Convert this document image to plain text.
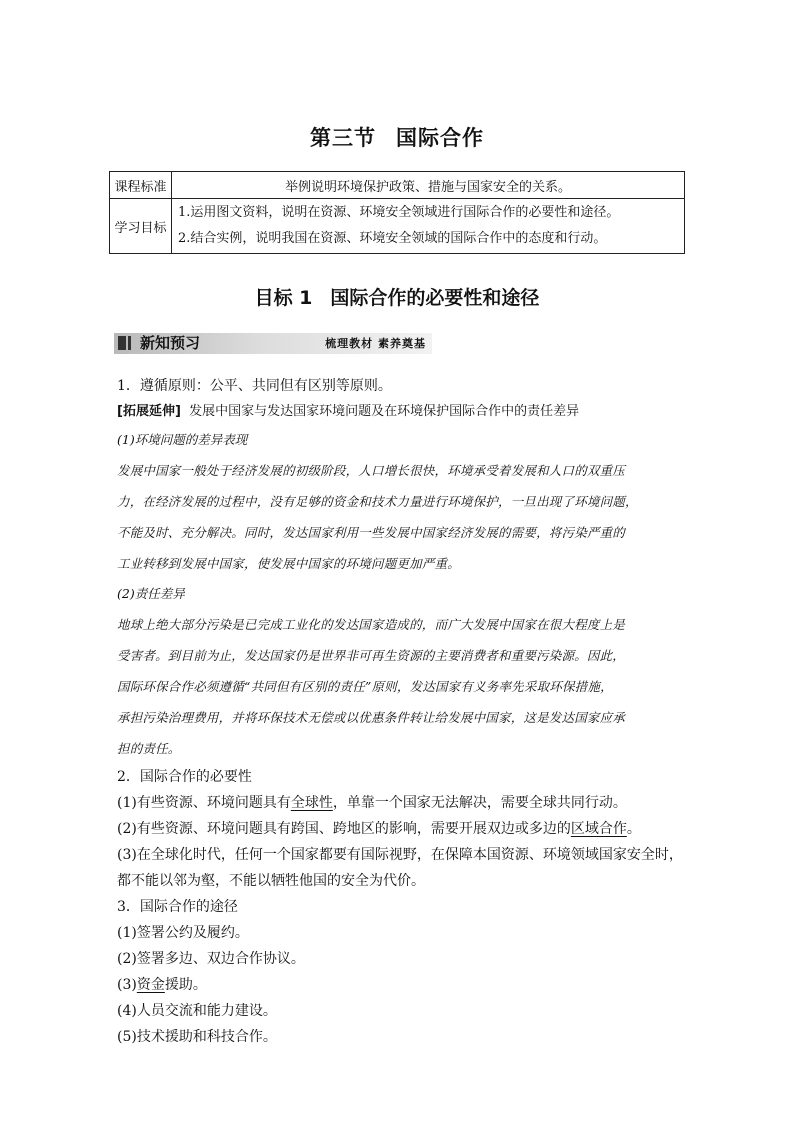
第三节 国际合作
课程标准	举例说明环境保护政策、措施与国家安全的关系。
学习目标	1.运用图文资料，说明在资源、环境安全领域进行国际合作的必要性和途径。
2.结合实例，说明我国在资源、环境安全领域的国际合作中的态度和行动。
目标 1 国际合作的必要性和途径
新知预习	梳理教材 素养奠基
1．遵循原则：公平、共同但有区别等原则。
[拓展延伸] 发展中国家与发达国家环境问题及在环境保护国际合作中的责任差异
(1)环境问题的差异表现
发展中国家一般处于经济发展的初级阶段，人口增长很快，环境承受着发展和人口的双重压
力，在经济发展的过程中，没有足够的资金和技术力量进行环境保护，一旦出现了环境问题，
不能及时、充分解决。同时，发达国家利用一些发展中国家经济发展的需要，将污染严重的
工业转移到发展中国家，使发展中国家的环境问题更加严重。
(2)责任差异
地球上绝大部分污染是已完成工业化的发达国家造成的，而广大发展中国家在很大程度上是
受害者。到目前为止，发达国家仍是世界非可再生资源的主要消费者和重要污染源。因此，
国际环保合作必须遵循“共同但有区别的责任”原则，发达国家有义务率先采取环保措施，
承担污染治理费用，并将环保技术无偿或以优惠条件转让给发展中国家，这是发达国家应承
担的责任。
2．国际合作的必要性
(1)有些资源、环境问题具有全球性，单靠一个国家无法解决，需要全球共同行动。
(2)有些资源、环境问题具有跨国、跨地区的影响，需要开展双边或多边的区域合作。
(3)在全球化时代，任何一个国家都要有国际视野，在保障本国资源、环境领域国家安全时，
都不能以邻为壑，不能以牺牲他国的安全为代价。
3．国际合作的途径
(1)签署公约及履约。
(2)签署多边、双边合作协议。
(3)资金援助。
(4)人员交流和能力建设。
(5)技术援助和科技合作。
